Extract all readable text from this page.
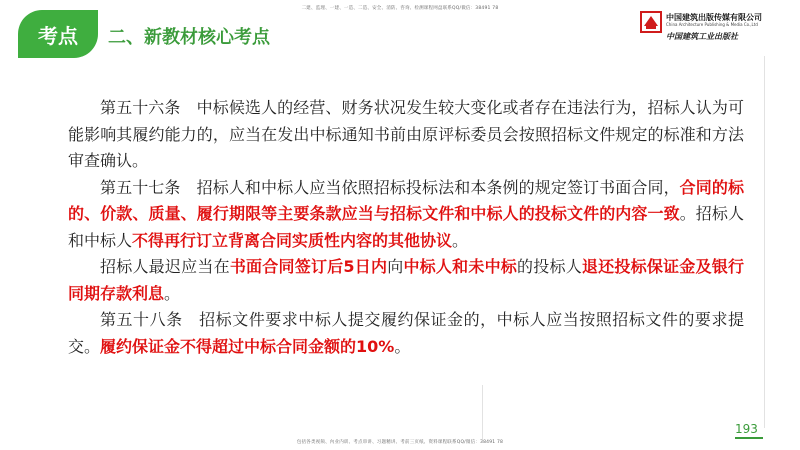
二建、监理、一建、一造、二造、安全、消防、咨询、检测课程网盘联系QQ/微信：38491 78
考点	二、新教材核心考点
中国建筑出版传媒有限公司
China Architecture Publishing & Media Co.,Ltd
中国建筑工业出版社

第五十六条　中标候选人的经营、财务状况发生较大变化或者存在违法行为，招标人认为可能影响其履约能力的，应当在发出中标通知书前由原评标委员会按照招标文件规定的标准和方法审查确认。

第五十七条　招标人和中标人应当依照招标投标法和本条例的规定签订书面合同，合同的标的、价款、质量、履行期限等主要条款应当与招标文件和中标人的投标文件的内容一致。招标人和中标人不得再行订立背离合同实质性内容的其他协议。

招标人最迟应当在书面合同签订后5日内向中标人和未中标的投标人退还投标保证金及银行同期存款利息。

第五十八条　招标文件要求中标人提交履约保证金的，中标人应当按照招标文件的要求提交。履约保证金不得超过中标合同金额的10%。

193
包括各类视频、內业内训、考点串讲、习题精讲、考前三页纸、资料课程联系QQ/微信：38491 78
